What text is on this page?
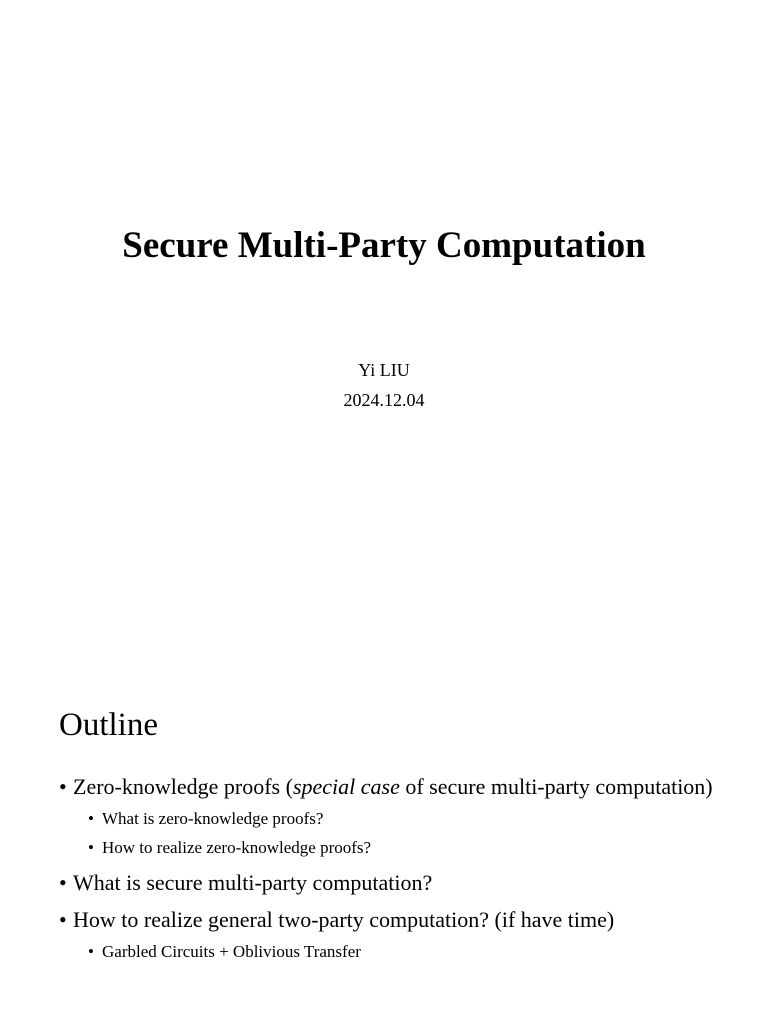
Secure Multi-Party Computation
Yi LIU
2024.12.04
Outline
• Zero-knowledge proofs (special case of secure multi-party computation)
• What is zero-knowledge proofs?
• How to realize zero-knowledge proofs?
• What is secure multi-party computation?
• How to realize general two-party computation? (if have time)
• Garbled Circuits + Oblivious Transfer
